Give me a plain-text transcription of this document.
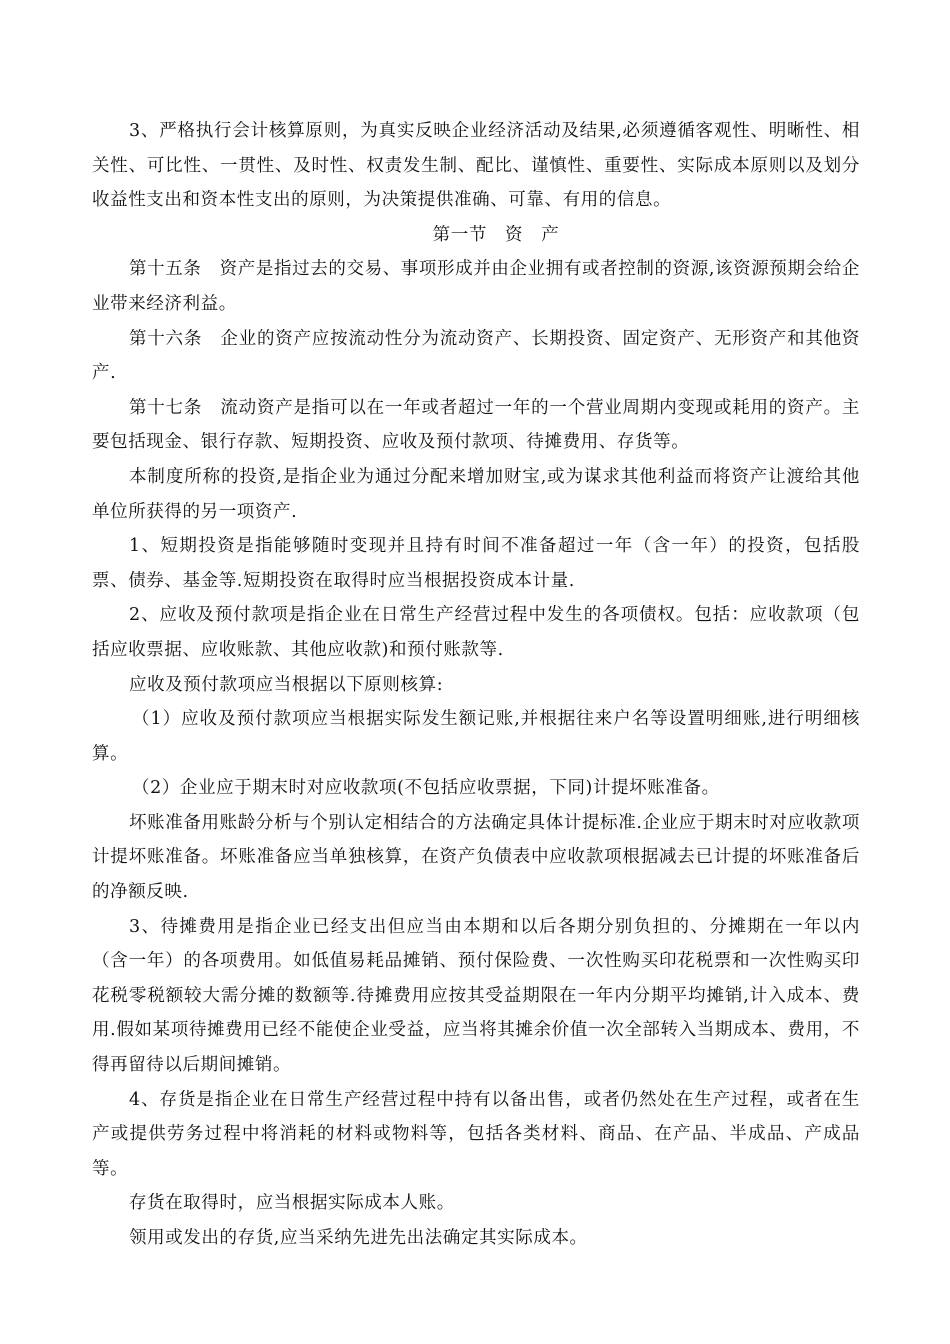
3、严格执行会计核算原则，为真实反映企业经济活动及结果,必须遵循客观性、明晰性、相关性、可比性、一贯性、及时性、权责发生制、配比、谨慎性、重要性、实际成本原则以及划分收益性支出和资本性支出的原则，为决策提供准确、可靠、有用的信息。

第一节　资　产

第十五条　资产是指过去的交易、事项形成并由企业拥有或者控制的资源,该资源预期会给企业带来经济利益。

第十六条　企业的资产应按流动性分为流动资产、长期投资、固定资产、无形资产和其他资产.

第十七条　流动资产是指可以在一年或者超过一年的一个营业周期内变现或耗用的资产。主要包括现金、银行存款、短期投资、应收及预付款项、待摊费用、存货等。

本制度所称的投资,是指企业为通过分配来增加财宝,或为谋求其他利益而将资产让渡给其他单位所获得的另一项资产.

1、短期投资是指能够随时变现并且持有时间不准备超过一年（含一年）的投资，包括股票、债券、基金等.短期投资在取得时应当根据投资成本计量.

2、应收及预付款项是指企业在日常生产经营过程中发生的各项债权。包括：应收款项（包括应收票据、应收账款、其他应收款)和预付账款等.

应收及预付款项应当根据以下原则核算:

（1）应收及预付款项应当根据实际发生额记账,并根据往来户名等设置明细账,进行明细核算。

（2）企业应于期末时对应收款项(不包括应收票据，下同)计提坏账准备。

坏账准备用账龄分析与个别认定相结合的方法确定具体计提标准.企业应于期末时对应收款项计提坏账准备。坏账准备应当单独核算，在资产负债表中应收款项根据减去已计提的坏账准备后的净额反映.

3、待摊费用是指企业已经支出但应当由本期和以后各期分别负担的、分摊期在一年以内（含一年）的各项费用。如低值易耗品摊销、预付保险费、一次性购买印花税票和一次性购买印花税零税额较大需分摊的数额等.待摊费用应按其受益期限在一年内分期平均摊销,计入成本、费用.假如某项待摊费用已经不能使企业受益，应当将其摊余价值一次全部转入当期成本、费用，不得再留待以后期间摊销。

4、存货是指企业在日常生产经营过程中持有以备出售，或者仍然处在生产过程，或者在生产或提供劳务过程中将消耗的材料或物料等，包括各类材料、商品、在产品、半成品、产成品等。

存货在取得时，应当根据实际成本人账。

领用或发出的存货,应当采纳先进先出法确定其实际成本。
